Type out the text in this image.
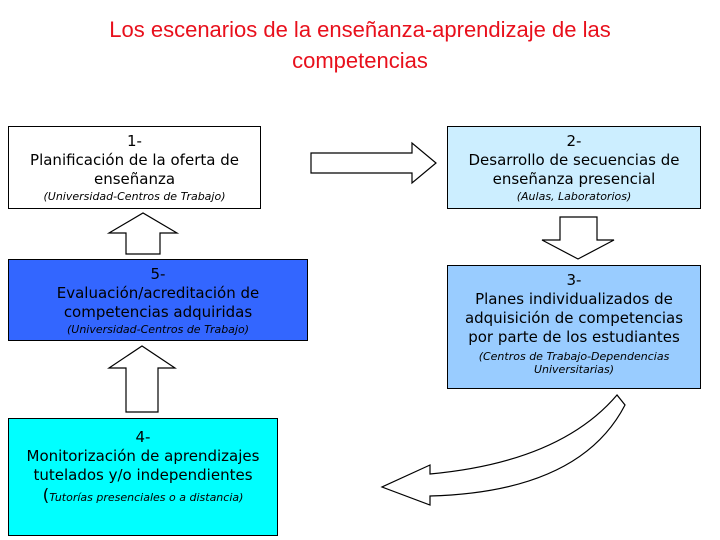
Los escenarios de la enseñanza-aprendizaje de las
competencias
1-
Planificación de la oferta de
enseñanza
(Universidad-Centros de Trabajo)
2-
Desarrollo de secuencias de
enseñanza presencial
(Aulas, Laboratorios)
5-
Evaluación/acreditación de
competencias adquiridas
(Universidad-Centros de Trabajo)
3-
Planes individualizados de
adquisición de competencias
por parte de los estudiantes
(Centros de Trabajo-Dependencias
Universitarias)
4-
Monitorización de aprendizajes
tutelados y/o independientes
(Tutorías presenciales o a distancia)
